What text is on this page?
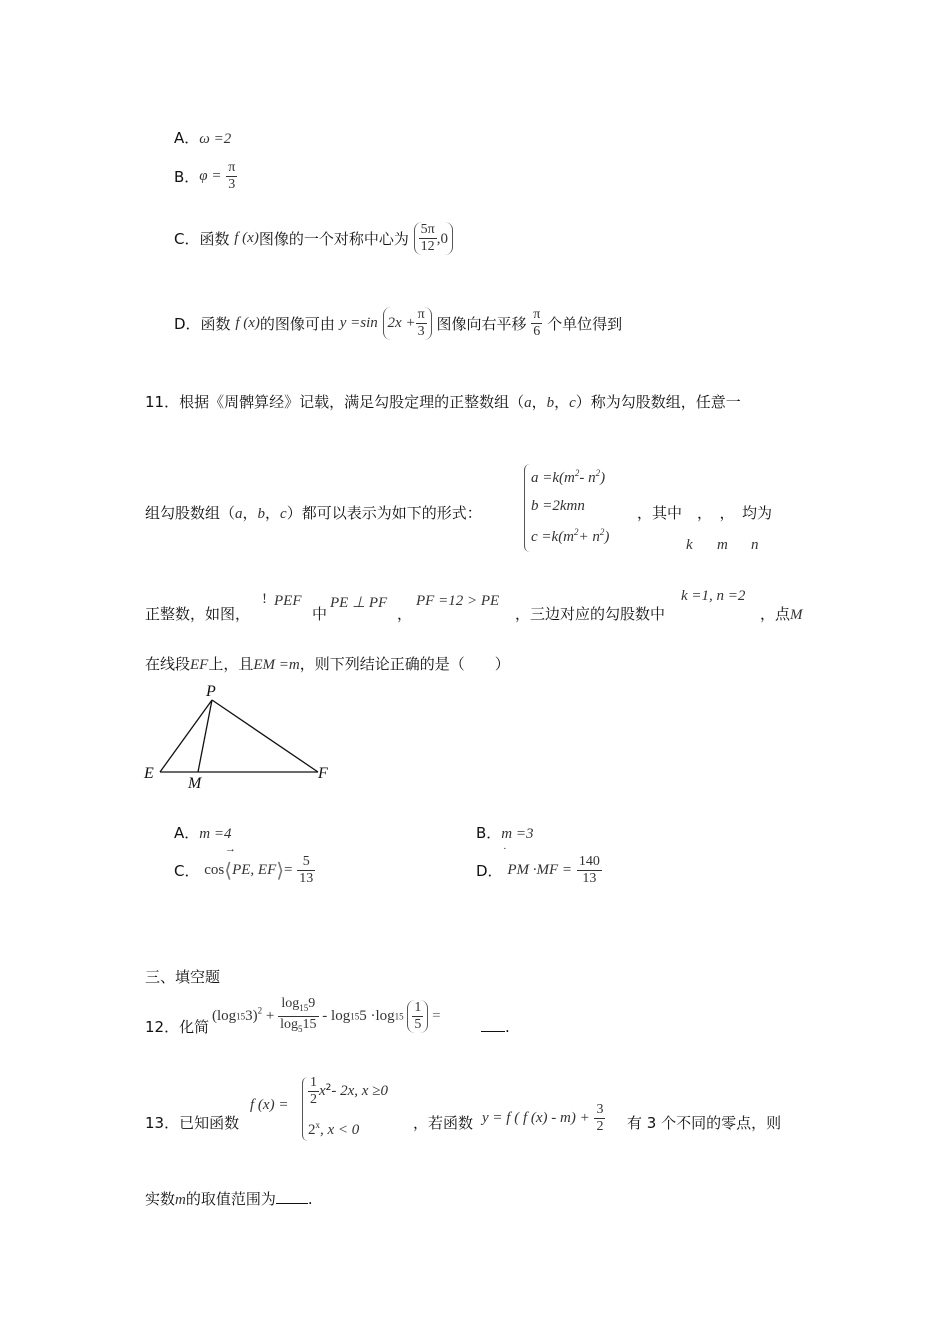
A．ω =2
B．$\varphi = \frac{\pi}{3}$
C．函数 f (x)图像的一个对称中心为 $\frac{5\pi}{12} ,0$
D．函数 f (x)的图像可由 y =sin $2x + \frac{\pi}{3}$ 图像向右平移 $\frac{\pi}{6}$ 个单位得到
11．根据《周髀算经》记载，满足勾股定理的正整数组（a，b，c）称为勾股数组，任意一
组勾股数组（a，b，c）都可以表示为如下的形式：
$a =k(m^2-$ $n^2$)
b =2kmn
$c =k(m^2+ n^2)$
，其中　，　，　均为
k m n
正整数，如图，
! PEF
中
PE ⊥ PF
，
PF =12 > PE
，三边对应的勾股数中
k =1, n =2
，点M
在线段EF上，且EM =m，则下列结论正确的是（　　）
P
E
M
F
A．m =4	B．m =3
→
C． cos⟨PE, EF⟩= $\frac{5}{13}$
·
D． PM $\cdot MF = \frac{140}{13}$
三、填空题
12．化简
$(\log 153)^2 + \frac{\log_{15}9}{\log_515} - \log 155 \cdot\log 15 \frac{1}{5}$ =
.
13．已知函数
f $(x) = \frac{1}{2} x^2-$ 2x, x ≥0
2$^x$, x < 0	，若函数 y = f ( f $(x) - m) + \frac{3}{2}$ 有 3 个不同的零点，则
实数m的取值范围为 .
